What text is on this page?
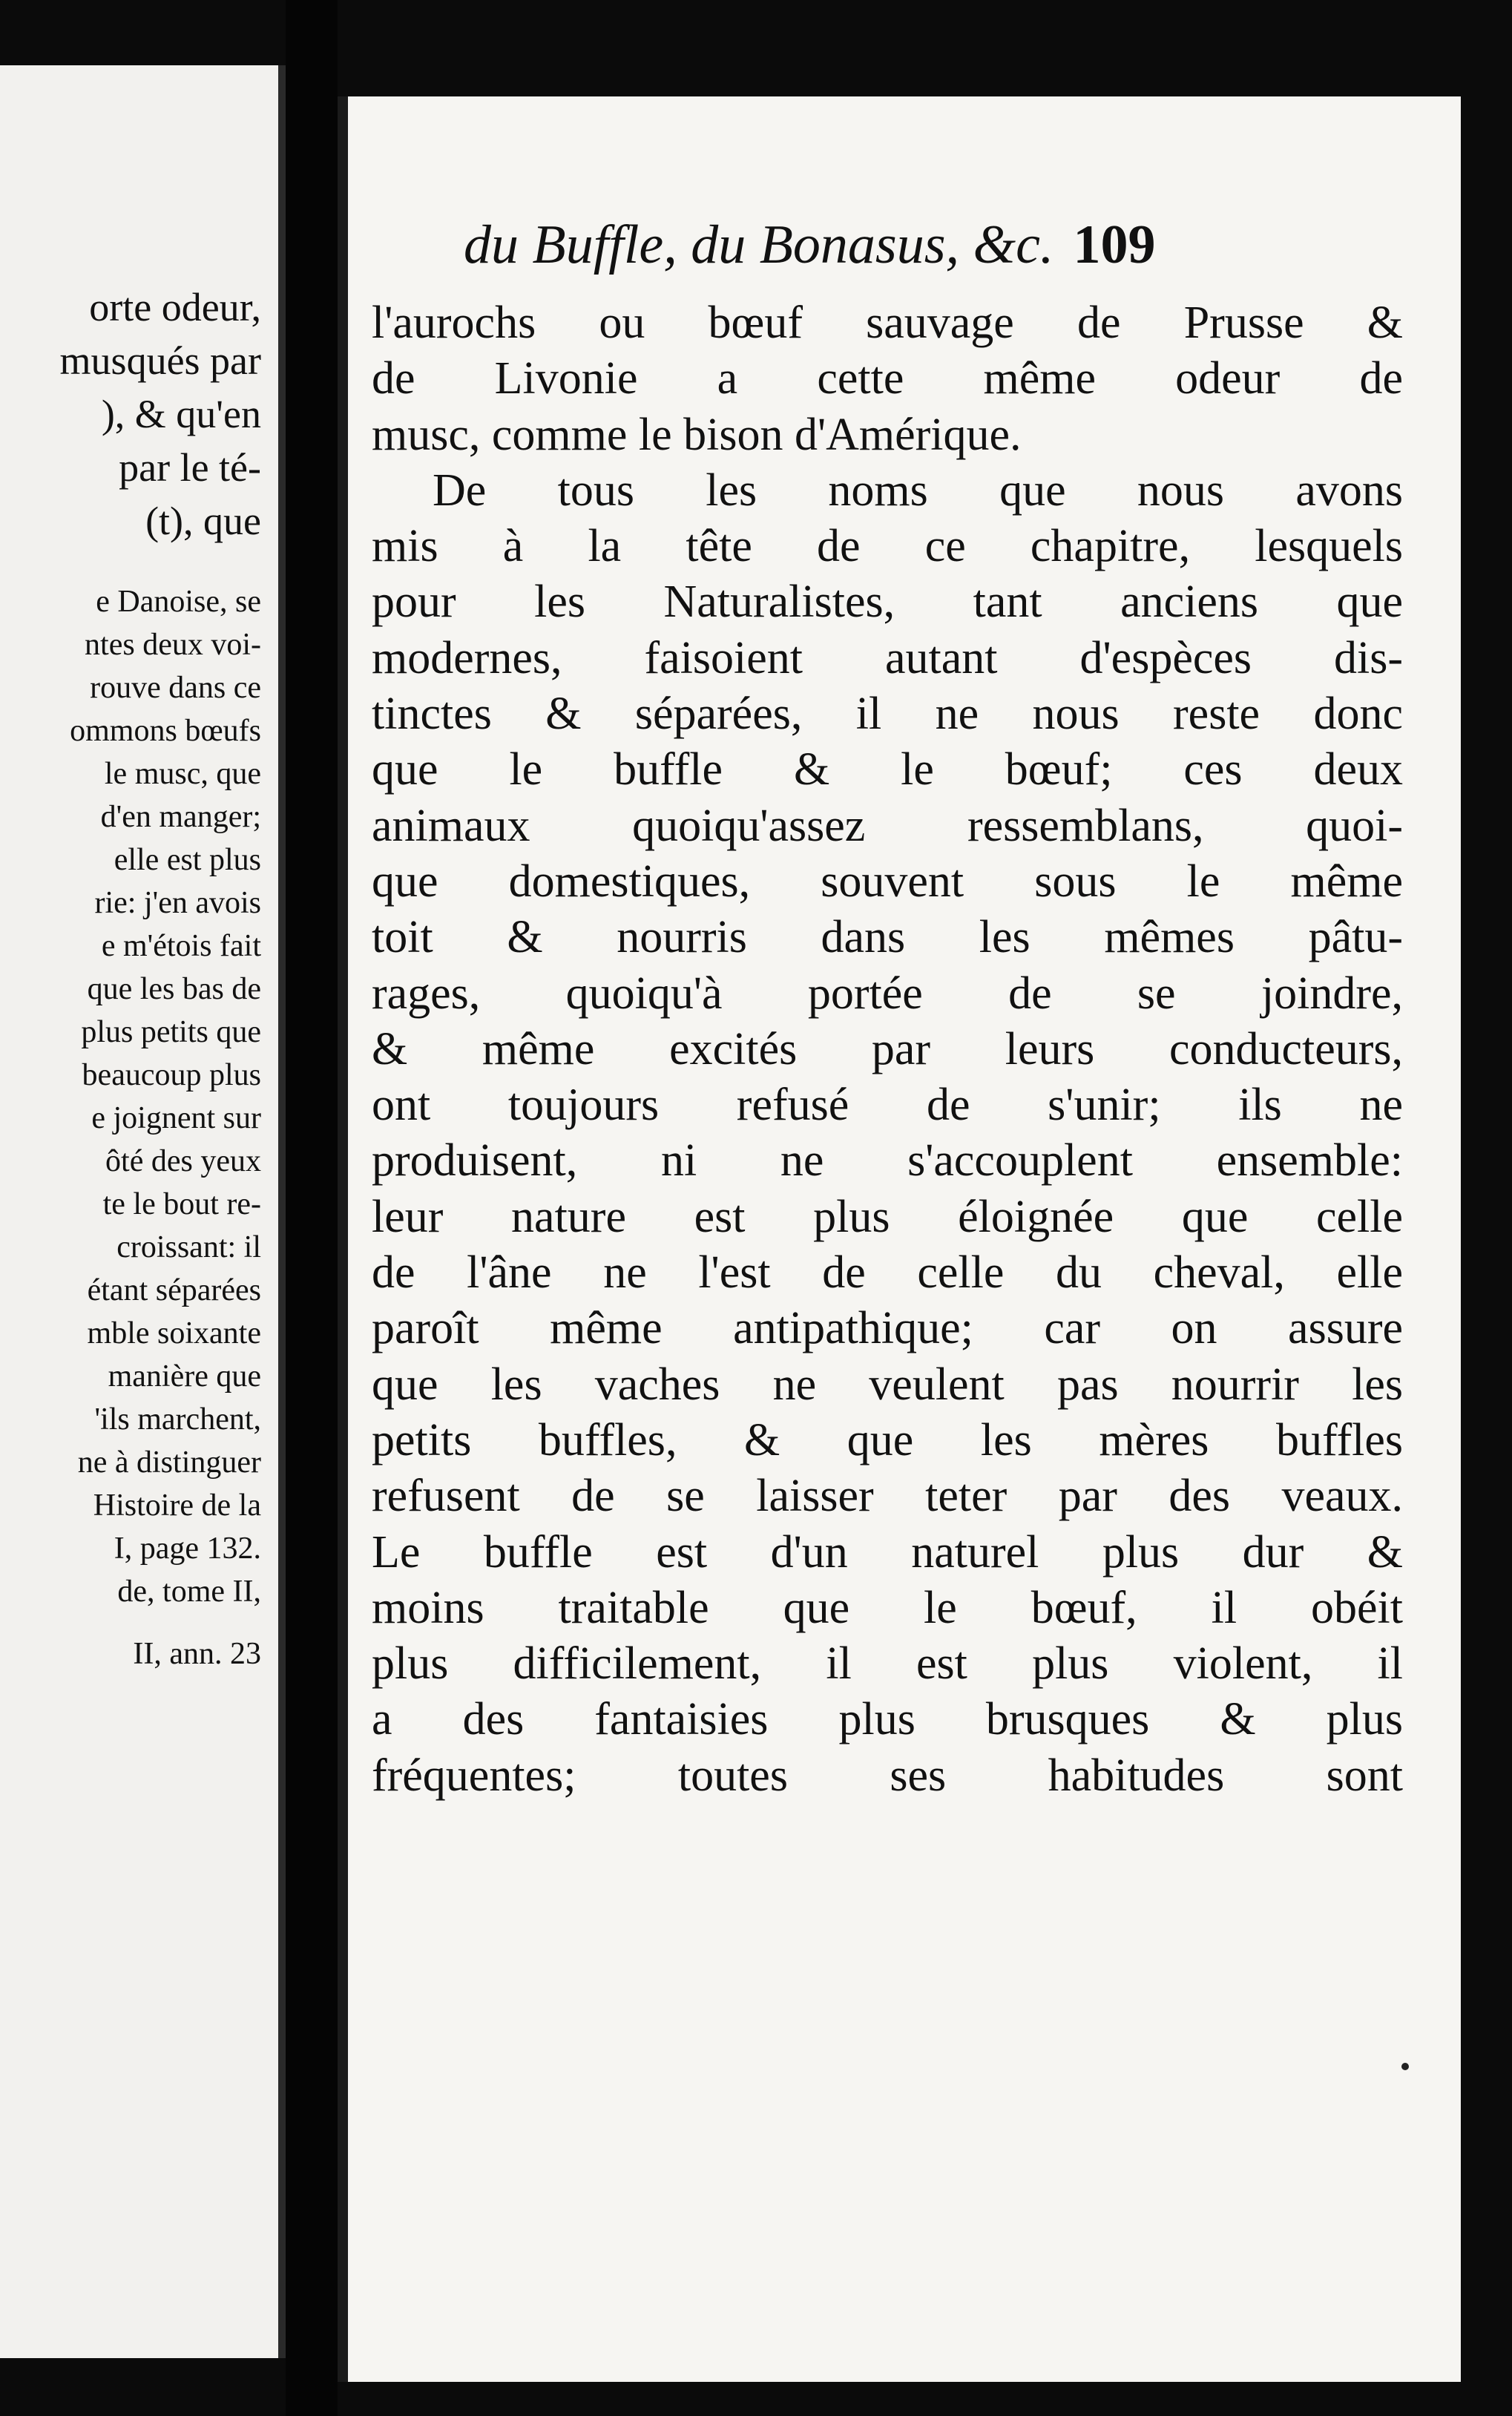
orte odeur,
musqués par
), & qu'en
par le té-
(t), que
e Danoise, se
ntes deux voi-
rouve dans ce
ommons bœufs
le musc, que
d'en manger;
elle est plus
rie: j'en avois
e m'étois fait
que les bas de
plus petits que
beaucoup plus
e joignent sur
ôté des yeux
te le bout re-
croissant: il
étant séparées
mble soixante
manière que
'ils marchent,
ne à distinguer
Histoire de la
I, page 132.
de, tome II,
II, ann. 23
du Buffle, du Bonasus, &c. 109
l'aurochs ou bœuf sauvage de Prusse &
de Livonie a cette même odeur de
musc, comme le bison d'Amérique.
De tous les noms que nous avons
mis à la tête de ce chapitre, lesquels
pour les Naturalistes, tant anciens que
modernes, faisoient autant d'espèces dis-
tinctes & séparées, il ne nous reste donc
que le buffle & le bœuf; ces deux
animaux quoiqu'assez ressemblans, quoi-
que domestiques, souvent sous le même
toit & nourris dans les mêmes pâtu-
rages, quoiqu'à portée de se joindre,
& même excités par leurs conducteurs,
ont toujours refusé de s'unir; ils ne
produisent, ni ne s'accouplent ensemble:
leur nature est plus éloignée que celle
de l'âne ne l'est de celle du cheval, elle
paroît même antipathique; car on assure
que les vaches ne veulent pas nourrir les
petits buffles, & que les mères buffles
refusent de se laisser teter par des veaux.
Le buffle est d'un naturel plus dur &
moins traitable que le bœuf, il obéit
plus difficilement, il est plus violent, il
a des fantaisies plus brusques & plus
fréquentes; toutes ses habitudes sont
